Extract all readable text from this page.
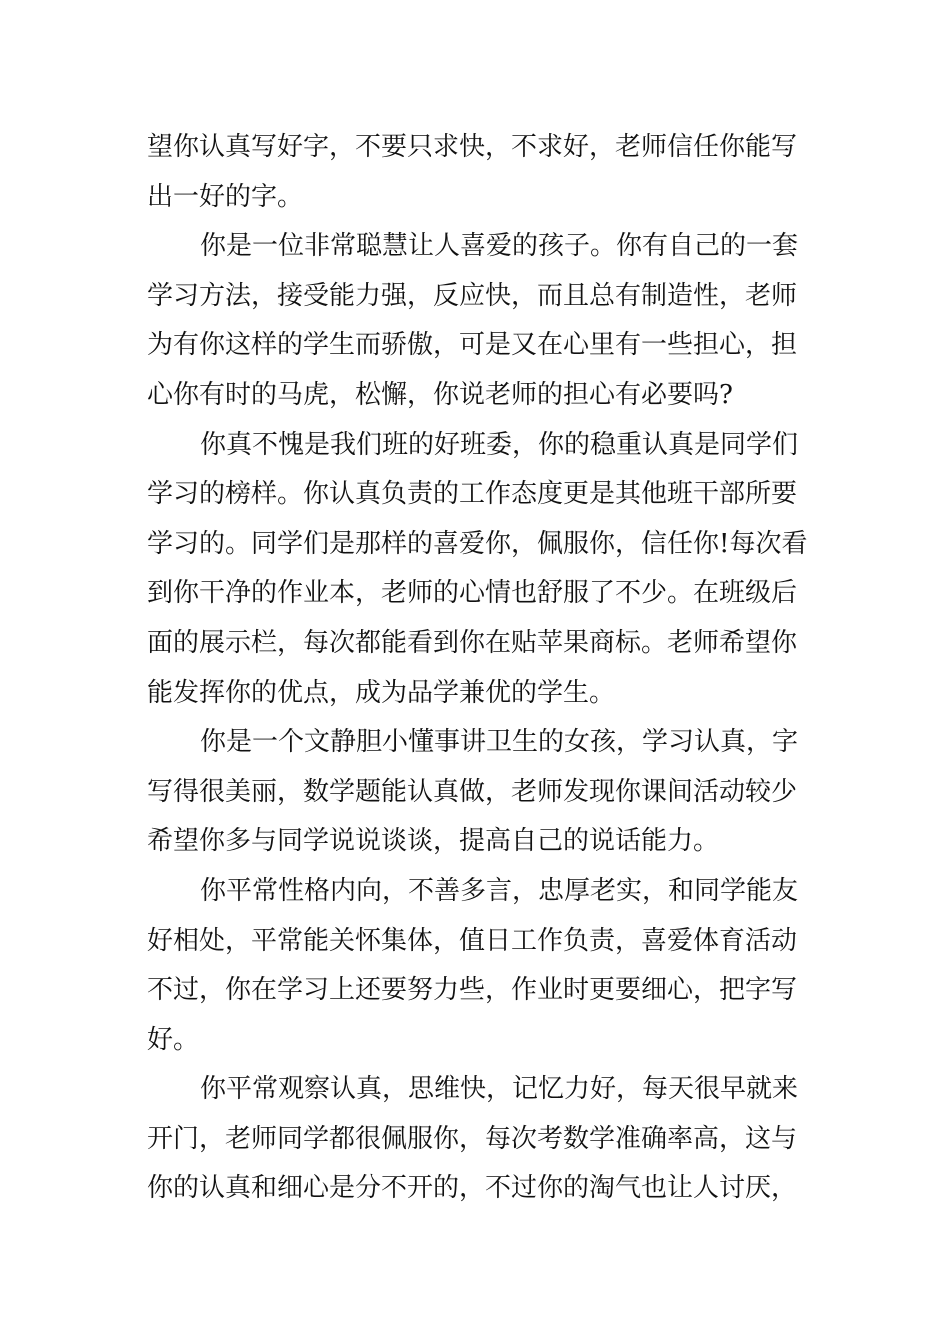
望你认真写好字，不要只求快，不求好，老师信任你能写
出一好的字。
你是一位非常聪慧让人喜爱的孩子。你有自己的一套
学习方法，接受能力强，反应快，而且总有制造性，老师
为有你这样的学生而骄傲，可是又在心里有一些担心，担
心你有时的马虎，松懈，你说老师的担心有必要吗?
你真不愧是我们班的好班委，你的稳重认真是同学们
学习的榜样。你认真负责的工作态度更是其他班干部所要
学习的。同学们是那样的喜爱你，佩服你，信任你!每次看
到你干净的作业本，老师的心情也舒服了不少。在班级后
面的展示栏，每次都能看到你在贴苹果商标。老师希望你
能发挥你的优点，成为品学兼优的学生。
你是一个文静胆小懂事讲卫生的女孩，学习认真，字
写得很美丽，数学题能认真做，老师发现你课间活动较少
希望你多与同学说说谈谈，提高自己的说话能力。
你平常性格内向，不善多言，忠厚老实，和同学能友
好相处，平常能关怀集体，值日工作负责，喜爱体育活动
不过，你在学习上还要努力些，作业时更要细心，把字写
好。
你平常观察认真，思维快，记忆力好，每天很早就来
开门，老师同学都很佩服你，每次考数学准确率高，这与
你的认真和细心是分不开的，不过你的淘气也让人讨厌，
